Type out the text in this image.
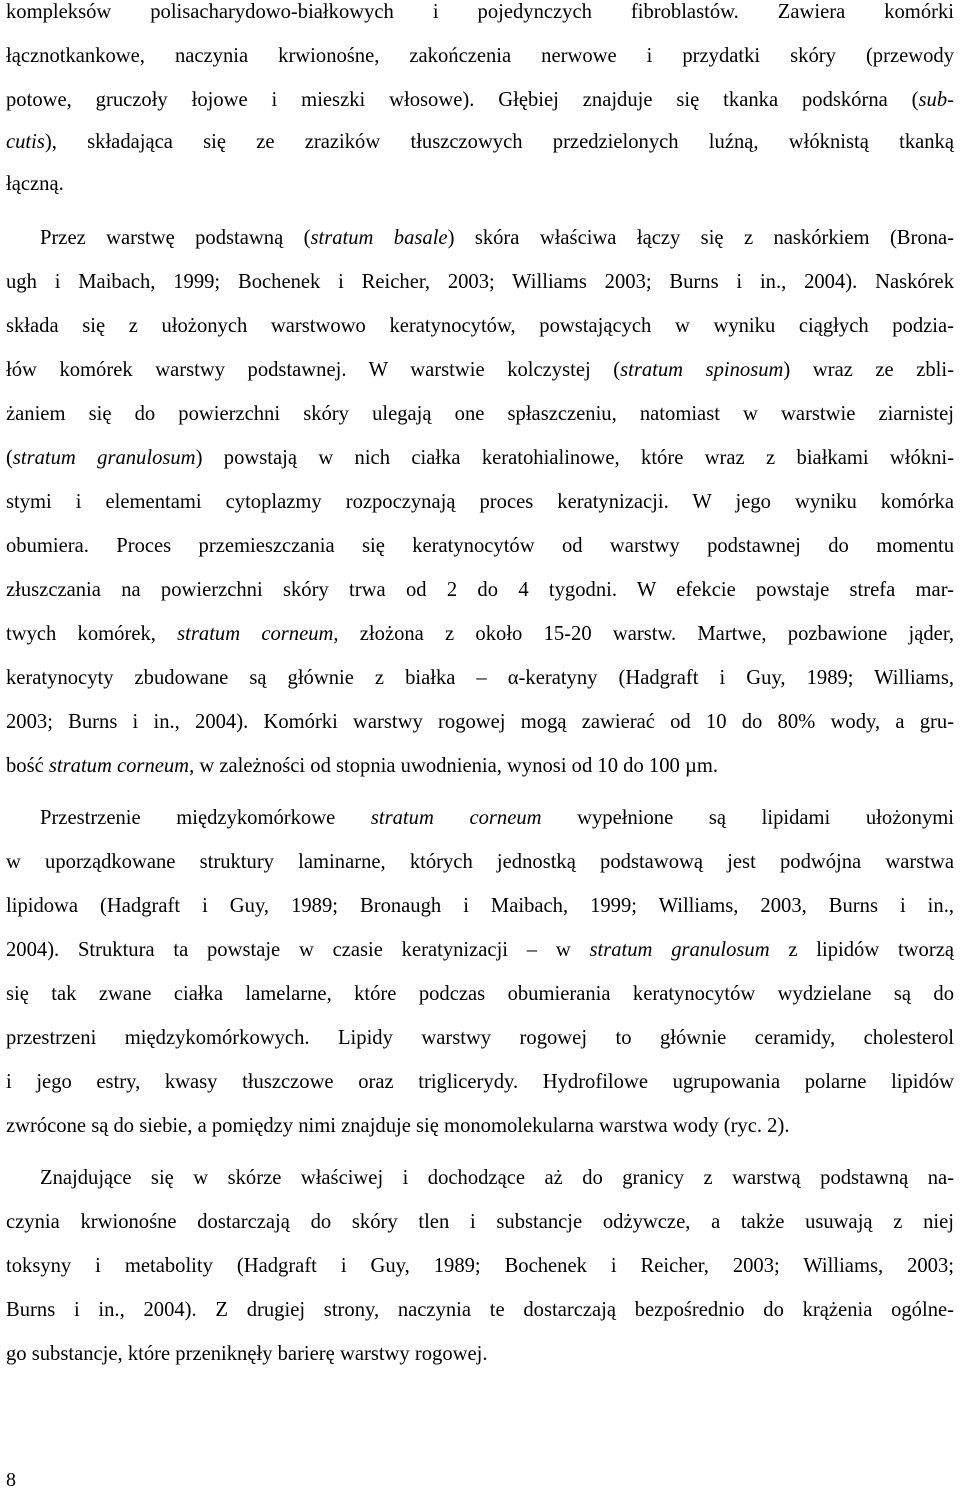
kompleksów polisacharydowo-białkowych i pojedynczych fibroblastów. Zawiera komórki
łącznotkankowe, naczynia krwionośne, zakończenia nerwowe i przydatki skóry (przewody
potowe, gruczoły łojowe i mieszki włosowe). Głębiej znajduje się tkanka podskórna (sub-
cutis), składająca się ze zrazików tłuszczowych przedzielonych luźną, włóknistą tkanką
łączną.
Przez warstwę podstawną (stratum basale) skóra właściwa łączy się z naskórkiem (Brona-
ugh i Maibach, 1999; Bochenek i Reicher, 2003; Williams 2003; Burns i in., 2004). Naskórek
składa się z ułożonych warstwowo keratynocytów, powstających w wyniku ciągłych podzia-
łów komórek warstwy podstawnej. W warstwie kolczystej (stratum spinosum) wraz ze zbli-
żaniem się do powierzchni skóry ulegają one spłaszczeniu, natomiast w warstwie ziarnistej
(stratum granulosum) powstają w nich ciałka keratohialinowe, które wraz z białkami włókni-
stymi i elementami cytoplazmy rozpoczynają proces keratynizacji. W jego wyniku komórka
obumiera. Proces przemieszczania się keratynocytów od warstwy podstawnej do momentu
złuszczania na powierzchni skóry trwa od 2 do 4 tygodni. W efekcie powstaje strefa mar-
twych komórek, stratum corneum, złożona z około 15-20 warstw. Martwe, pozbawione jąder,
keratynocyty zbudowane są głównie z białka – α-keratyny (Hadgraft i Guy, 1989; Williams,
2003; Burns i in., 2004). Komórki warstwy rogowej mogą zawierać od 10 do 80% wody, a gru-
bość stratum corneum, w zależności od stopnia uwodnienia, wynosi od 10 do 100 µm.
Przestrzenie międzykomórkowe stratum corneum wypełnione są lipidami ułożonymi
w uporządkowane struktury laminarne, których jednostką podstawową jest podwójna warstwa
lipidowa (Hadgraft i Guy, 1989; Bronaugh i Maibach, 1999; Williams, 2003, Burns i in.,
2004). Struktura ta powstaje w czasie keratynizacji – w stratum granulosum z lipidów tworzą
się tak zwane ciałka lamelarne, które podczas obumierania keratynocytów wydzielane są do
przestrzeni międzykomórkowych. Lipidy warstwy rogowej to głównie ceramidy, cholesterol
i jego estry, kwasy tłuszczowe oraz triglicerydy. Hydrofilowe ugrupowania polarne lipidów
zwrócone są do siebie, a pomiędzy nimi znajduje się monomolekularna warstwa wody (ryc. 2).
Znajdujące się w skórze właściwej i dochodzące aż do granicy z warstwą podstawną na-
czynia krwionośne dostarczają do skóry tlen i substancje odżywcze, a także usuwają z niej
toksyny i metabolity (Hadgraft i Guy, 1989; Bochenek i Reicher, 2003; Williams, 2003;
Burns i in., 2004). Z drugiej strony, naczynia te dostarczają bezpośrednio do krążenia ogólne-
go substancje, które przeniknęły barierę warstwy rogowej.
8
